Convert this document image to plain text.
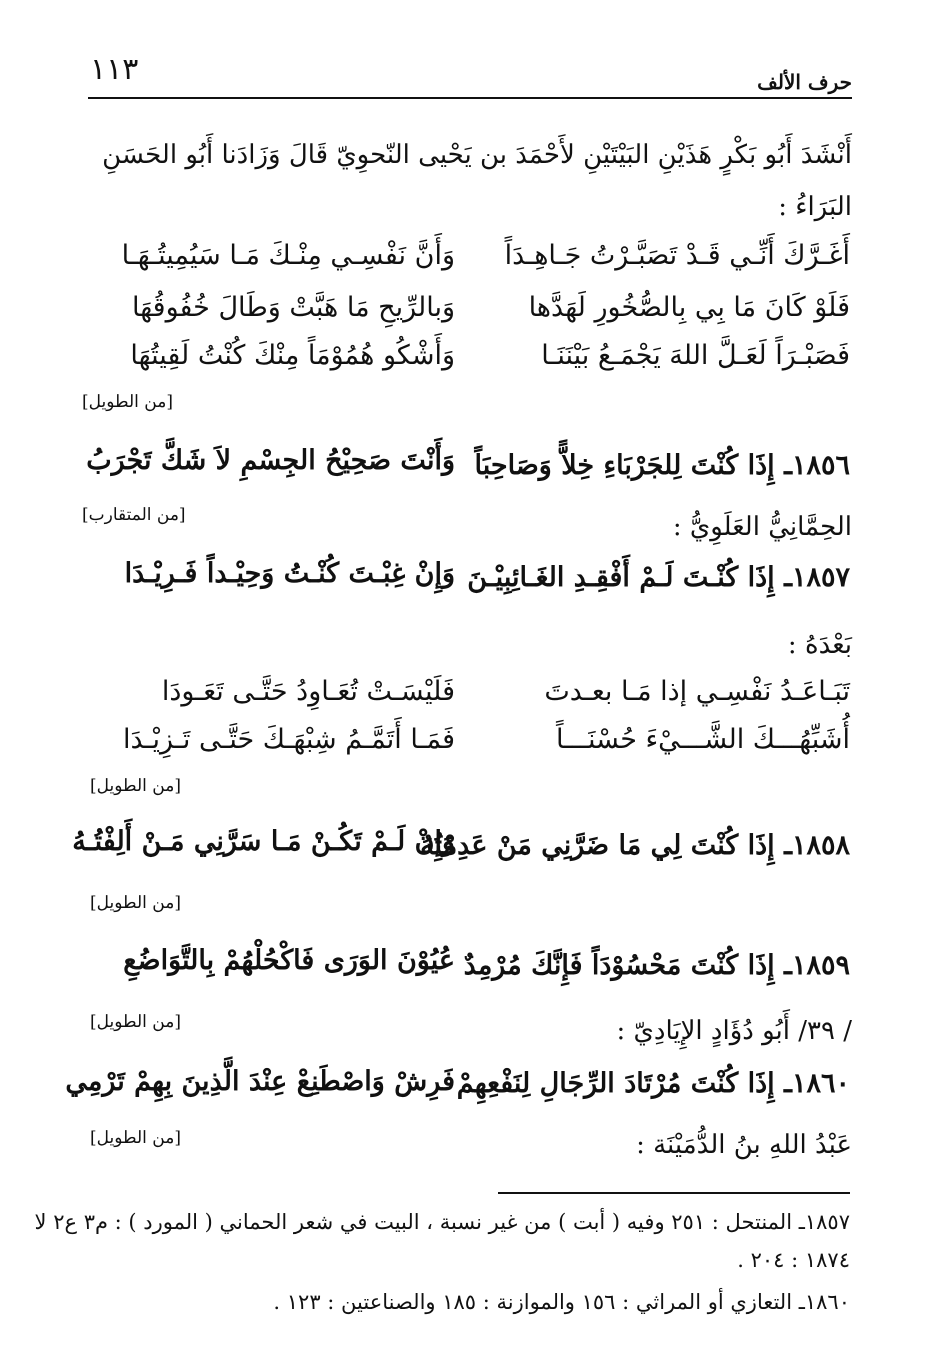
١١٣	حرف الألف
أَنْشَدَ أَبُو بَكْرٍ هَذَيْنِ البَيْتَيْنِ لأَحْمَدَ بن يَحْيى النّحوِيّ قَالَ وَزَادَنا أَبُو الحَسَنِ
البَرَاءُ :
أَغَـرَّكَ أَنِّـي قَـدْ تَصَبَّـرْتُ جَـاهِـدَاً
وَأَنَّ نَفْسِـي مِنْـكَ مَـا سَيُمِيتُـهَـا
فَلَوْ كَانَ مَا بِي بِالصُّخُورِ لَهَدَّها
وَبالرِّيحِ مَا هَبَّتْ وَطَالَ خُفُوقُهَا
فَصَبْـرَاً لَعَـلَّ اللهَ يَجْمَـعُ بَيْنَنَـا
وَأَشْكُو هُمُوْمَاً مِنْكَ كُنْتُ لَقِيتُهَا
[من الطويل]
١٨٥٦ـ إِذَا كُنْتَ لِلجَرْبَاءِ خِلاًّ وَصَاحِبَاً
وَأَنْتَ صَحِيْحُ الجِسْمِ لاَ شَكَّ تَجْرَبُ
[من المتقارب]	الحِمَّانِيُّ العَلَوِيُّ :
١٨٥٧ـ إِذَا كُنْـتَ لَـمْ أَفْقِـدِ الغَـائِبِيْـنَ
وَإِنْ غِبْـتَ كُنْـتُ وَحِيْـداً فَـرِيْـدَا
بَعْدَهُ :
تَبَـاعَـدُ نَفْسِـي إذا مَـا بعـدتَ
فَلَيْسَـتْ تُعَـاوِدُ حَتَّـى تَعَـودَا
أُشَبِّهُـــكَ الشَّـــيْءَ حُسْنَـــاً
فَمَـا أَتَمَّـمُ شِبْهَـكَ حَتَّـى تَـزِيْـدَا
[من الطويل]
١٨٥٨ـ إِذَا كُنْتَ لِي مَا ضَرَّنِي مَنْ عَدِمْتُهُ
وَإِنْ لَـمْ تَكُـنْ مَـا سَرَّنِي مَـنْ أَلِفْتُـهُ
[من الطويل]
١٨٥٩ـ إِذَا كُنْتَ مَحْسُوْدَاً فَإِنَّكَ مُرْمِدٌ
عُيُوْنَ الوَرَى فَاكْحُلْهُمْ بِالتَّوَاضُعِ
[من الطويل]	/ ٣٩/ أَبُو دُؤَادٍ الإِيَادِيّ :
١٨٦٠ـ إِذَا كُنْتَ مُرْتَادَ الرِّجَالِ لِنَفْعِهِمْ
فَرِشْ وَاصْطَنِعْ عِنْدَ الَّذِينَ بِهِمْ تَرْمِي
[من الطويل]	عَبْدُ اللهِ بنُ الدُّمَيْنَة :
١٨٥٧ـ المنتحل : ٢٥١ وفيه ( أبت ) من غير نسبة ، البيت في شعر الحماني ( المورد ) : م٣ ع٢ لا
١٨٧٤ : ٢٠٤ .
١٨٦٠ـ التعازي أو المراثي : ١٥٦ والموازنة : ١٨٥ والصناعتين : ١٢٣ .
